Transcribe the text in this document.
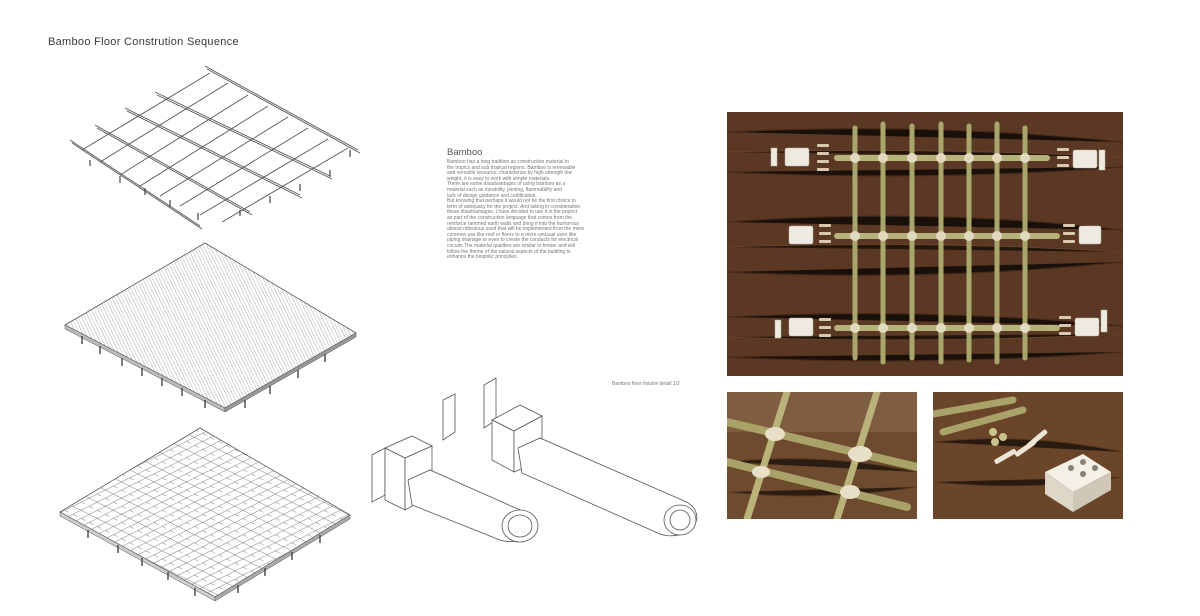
Bamboo Floor Constrution Sequence
Bamboo
Bamboo has a long tradition as construction material in
the tropics and sub tropical regions. Bamboo is renewable
and versatile resource, characterize by high strength low
weight, it is easy to work with simple materials.
There are some disadvantages of using bamboo as a
material such as durability, jointing, flammability and
lack of design guidance and codification.
But knowing that perhaps it would not be the first choice in
term of adequacy for the project. And taking in consideration
these disadvantages, I have decided to use it in the project
as part of the construction language that comes from the
reinforce rammed earth walls and bring it into the humorous
almost ridiculous used that will be implemented from the more
common use like roof or floors to a more unusual uses like
piping drainage or even to create the conducts for electrical
circuits.The material qualities are similar to timber and will
follow the theme of the natural aspects of the building to
enhance the biophilic principles.
Bamboo floor fixtutre detail 1/2
